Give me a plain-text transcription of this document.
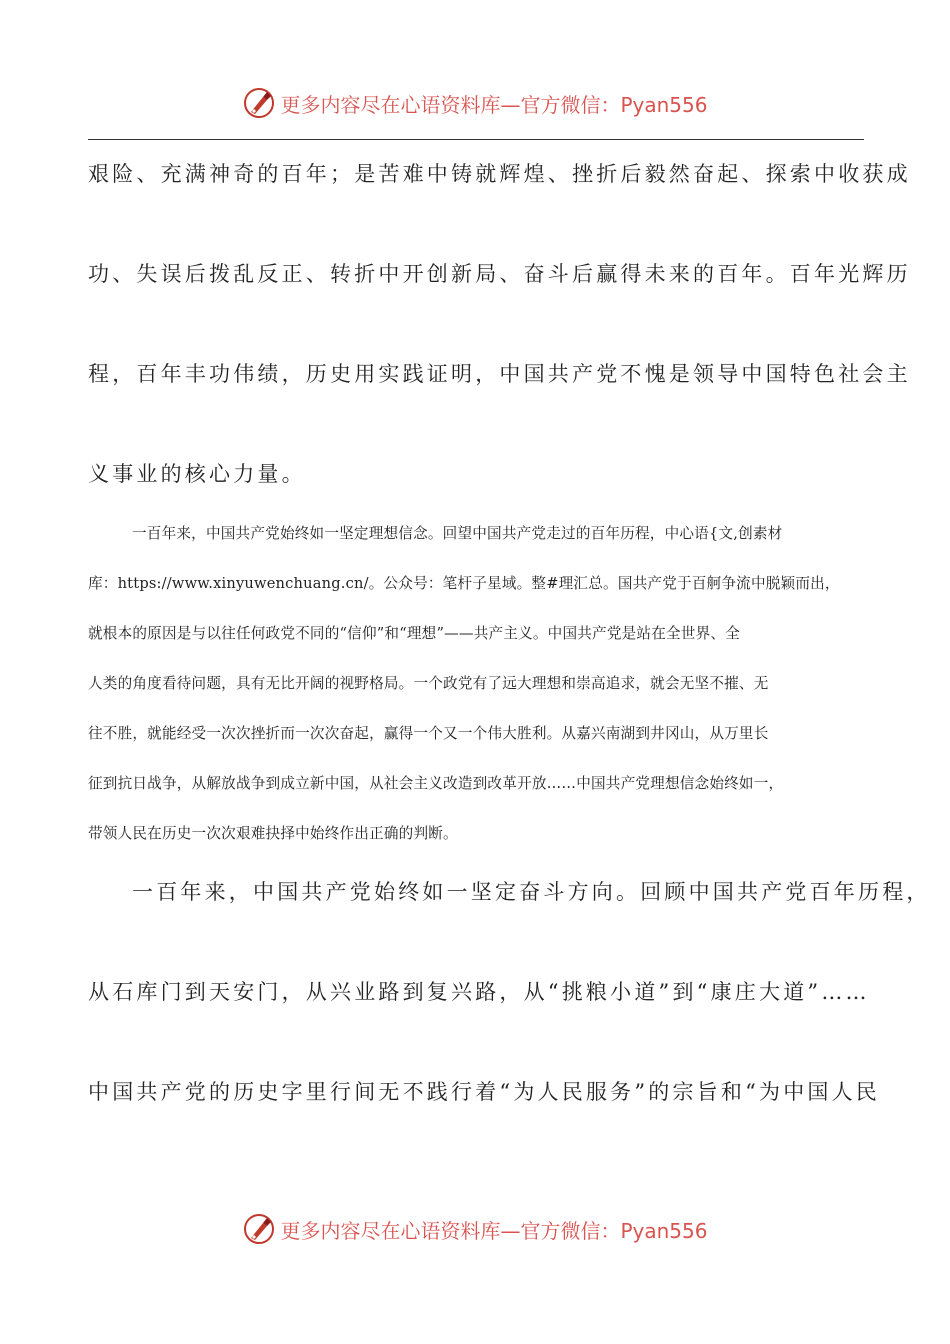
更多内容尽在心语资料库—官方微信：Pyan556
艰险、充满神奇的百年；是苦难中铸就辉煌、挫折后毅然奋起、探索中收获成
功、失误后拨乱反正、转折中开创新局、奋斗后赢得未来的百年。百年光辉历
程，百年丰功伟绩，历史用实践证明，中国共产党不愧是领导中国特色社会主
义事业的核心力量。
一百年来，中国共产党始终如一坚定理想信念。回望中国共产党走过的百年历程，中心语{文,创素材
库：https://www.xinyuwenchuang.cn/。公众号：笔杆子星域。整#理汇总。国共产党于百舸争流中脱颖而出，
就根本的原因是与以往任何政党不同的“信仰”和“理想”——共产主义。中国共产党是站在全世界、全
人类的角度看待问题，具有无比开阔的视野格局。一个政党有了远大理想和崇高追求，就会无坚不摧、无
往不胜，就能经受一次次挫折而一次次奋起，赢得一个又一个伟大胜利。从嘉兴南湖到井冈山，从万里长
征到抗日战争，从解放战争到成立新中国，从社会主义改造到改革开放……中国共产党理想信念始终如一，
带领人民在历史一次次艰难抉择中始终作出正确的判断。
一百年来，中国共产党始终如一坚定奋斗方向。回顾中国共产党百年历程，
从石库门到天安门，从兴业路到复兴路，从“挑粮小道”到“康庄大道”……
中国共产党的历史字里行间无不践行着“为人民服务”的宗旨和“为中国人民
更多内容尽在心语资料库—官方微信：Pyan556
